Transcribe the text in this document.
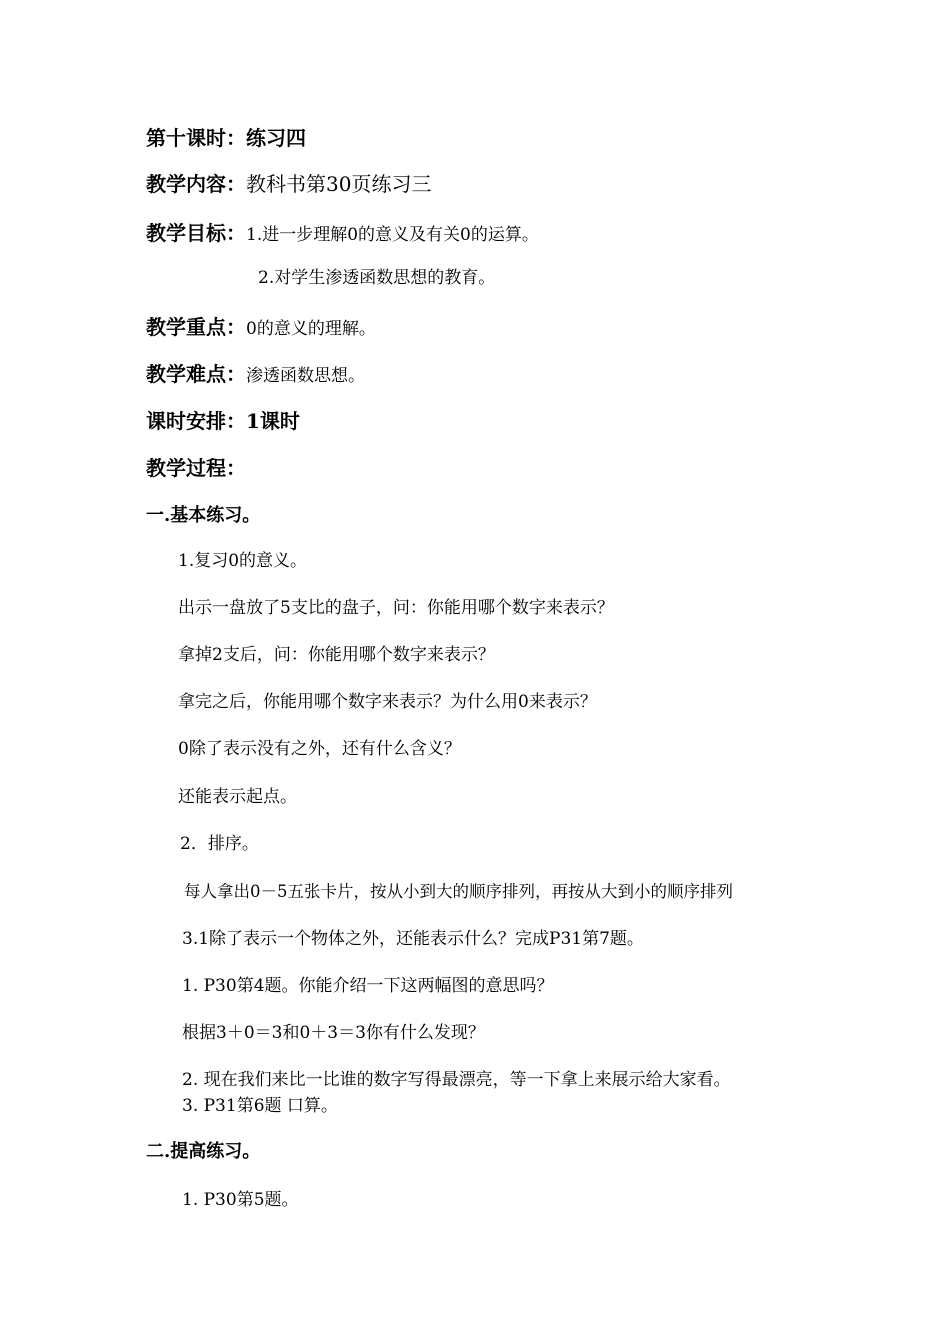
第十课时：练习四
教学内容：教科书第30页练习三
教学目标：1.进一步理解0的意义及有关0的运算。
2.对学生渗透函数思想的教育。
教学重点：0的意义的理解。
教学难点：渗透函数思想。
课时安排：1课时
教学过程：
一.基本练习。
1.复习0的意义。
出示一盘放了5支比的盘子，问：你能用哪个数字来表示？
拿掉2支后，问：你能用哪个数字来表示？
拿完之后，你能用哪个数字来表示？为什么用0来表示？
0除了表示没有之外，还有什么含义？
还能表示起点。
2．排序。
每人拿出0－5五张卡片，按从小到大的顺序排列，再按从大到小的顺序排列
3.1除了表示一个物体之外，还能表示什么？完成P31第7题。
1. P30第4题。你能介绍一下这两幅图的意思吗？
根据3＋0＝3和0＋3＝3你有什么发现？
2. 现在我们来比一比谁的数字写得最漂亮，等一下拿上来展示给大家看。
3. P31第6题 口算。
二.提高练习。
1. P30第5题。
